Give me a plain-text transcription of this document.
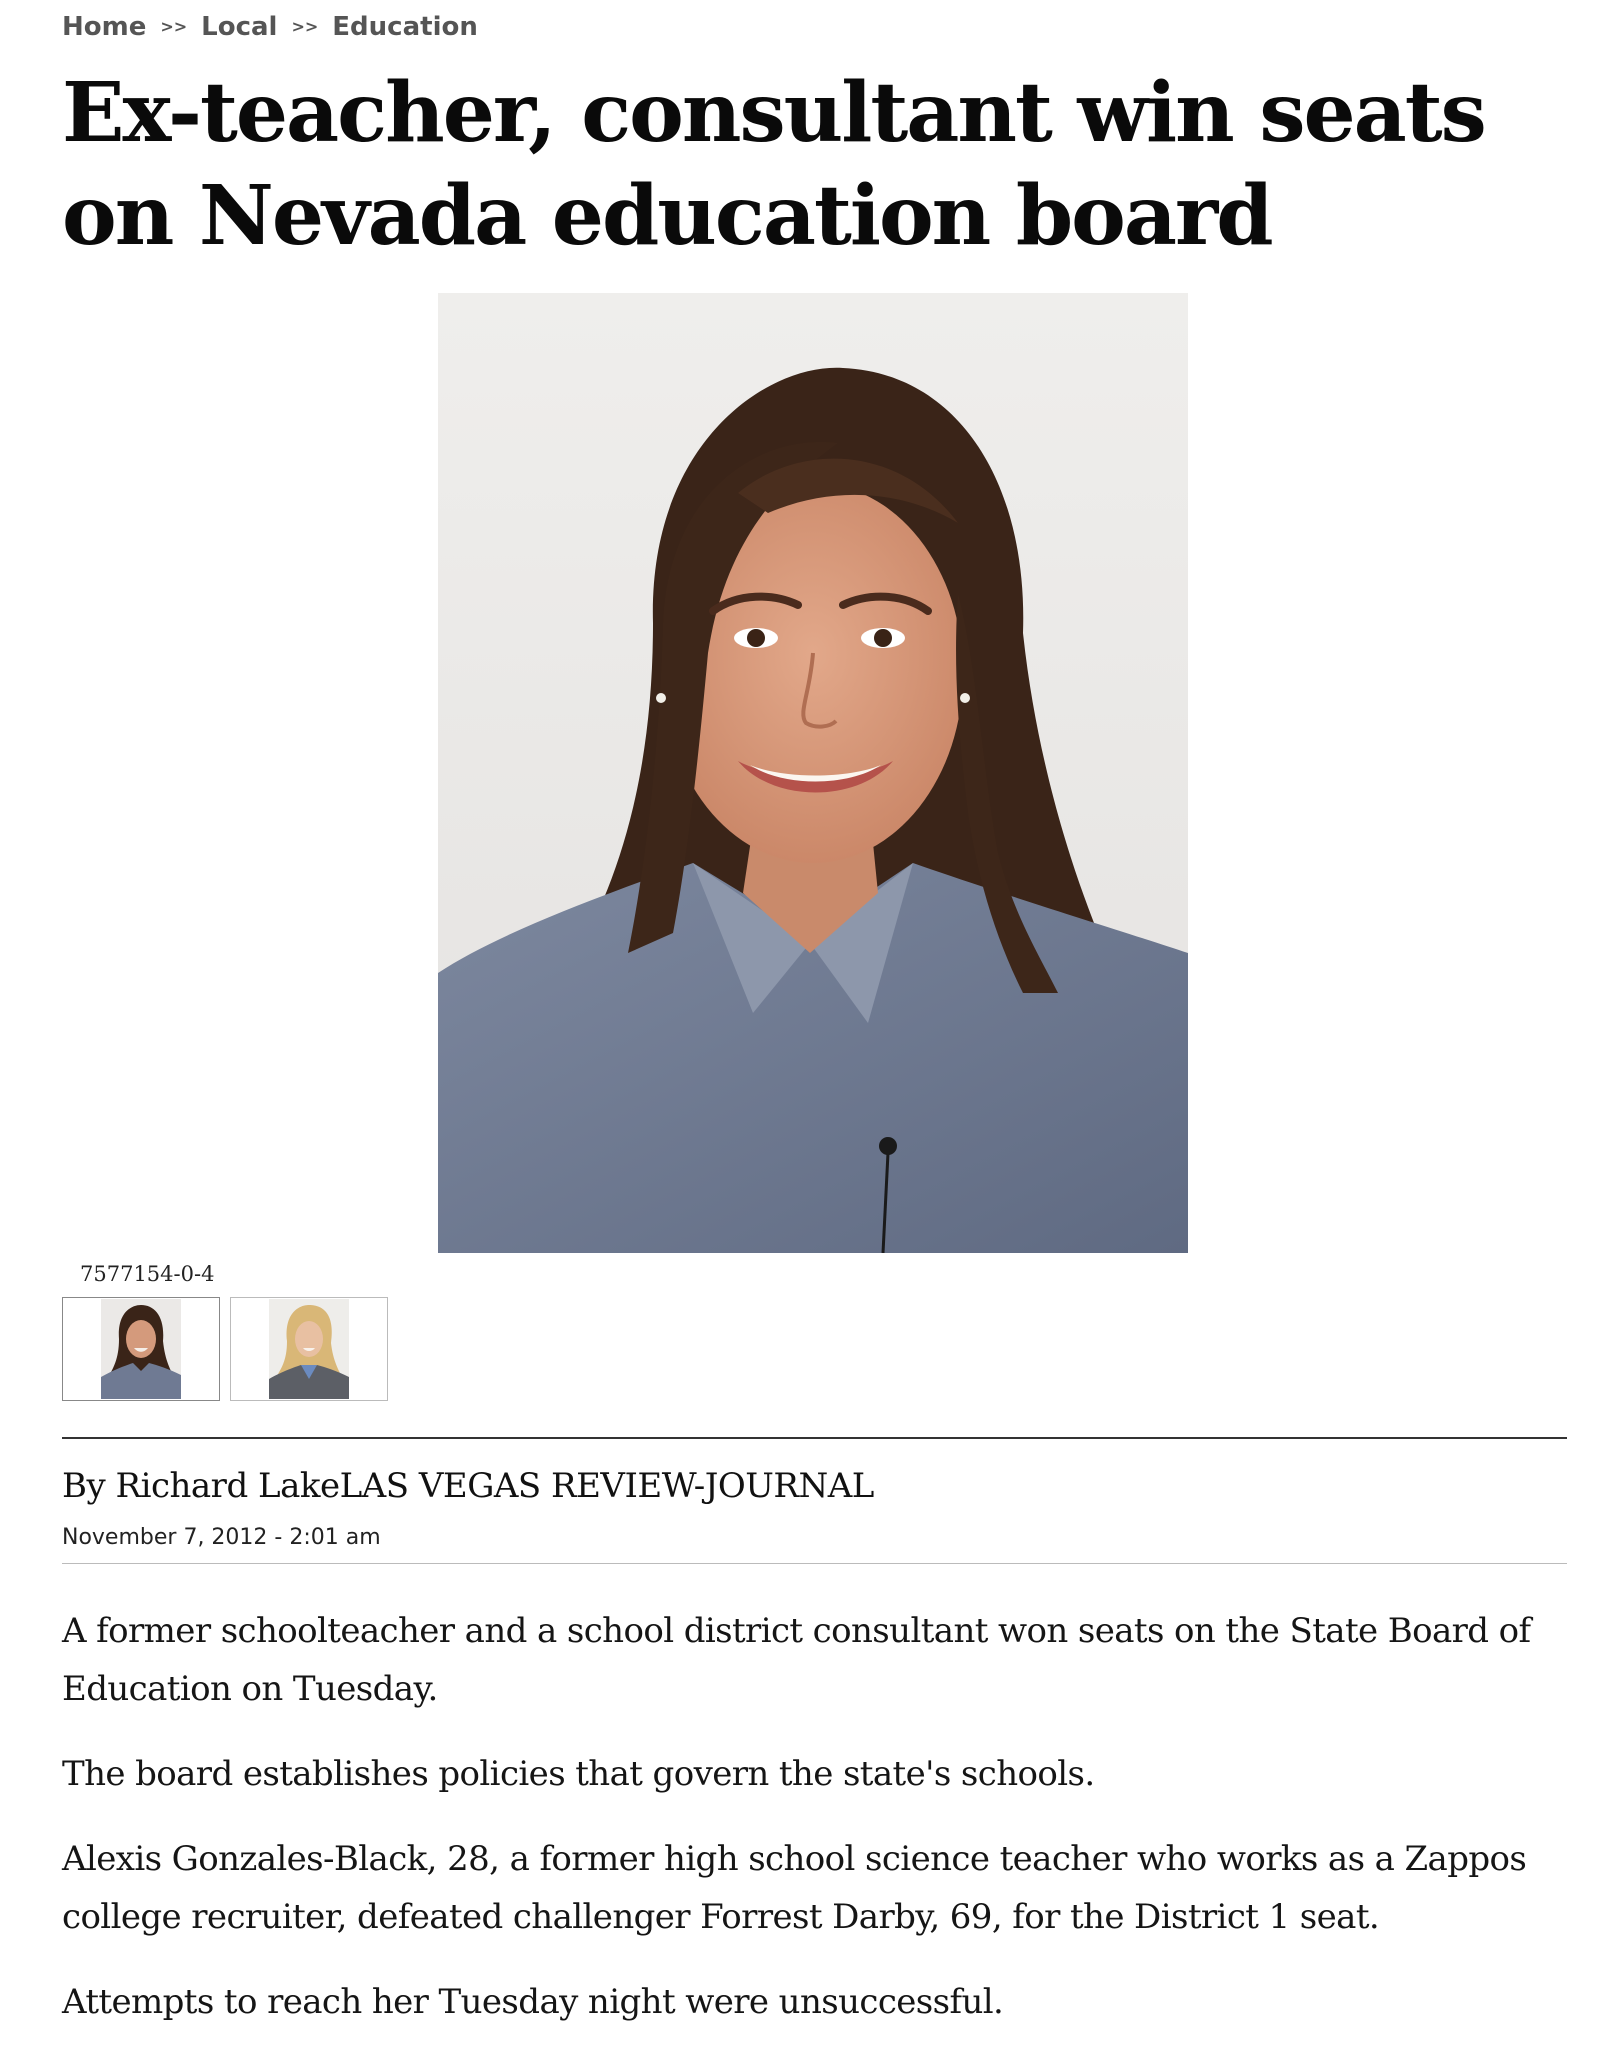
Home >> Local >> Education
Ex-teacher, consultant win seats on Nevada education board
7577154-0-4
By Richard LakeLAS VEGAS REVIEW-JOURNAL
November 7, 2012 - 2:01 am

A former schoolteacher and a school district consultant won seats on the State Board of Education on Tuesday.

The board establishes policies that govern the state's schools.

Alexis Gonzales-Black, 28, a former high school science teacher who works as a Zappos college recruiter, defeated challenger Forrest Darby, 69, for the District 1 seat.

Attempts to reach her Tuesday night were unsuccessful.
